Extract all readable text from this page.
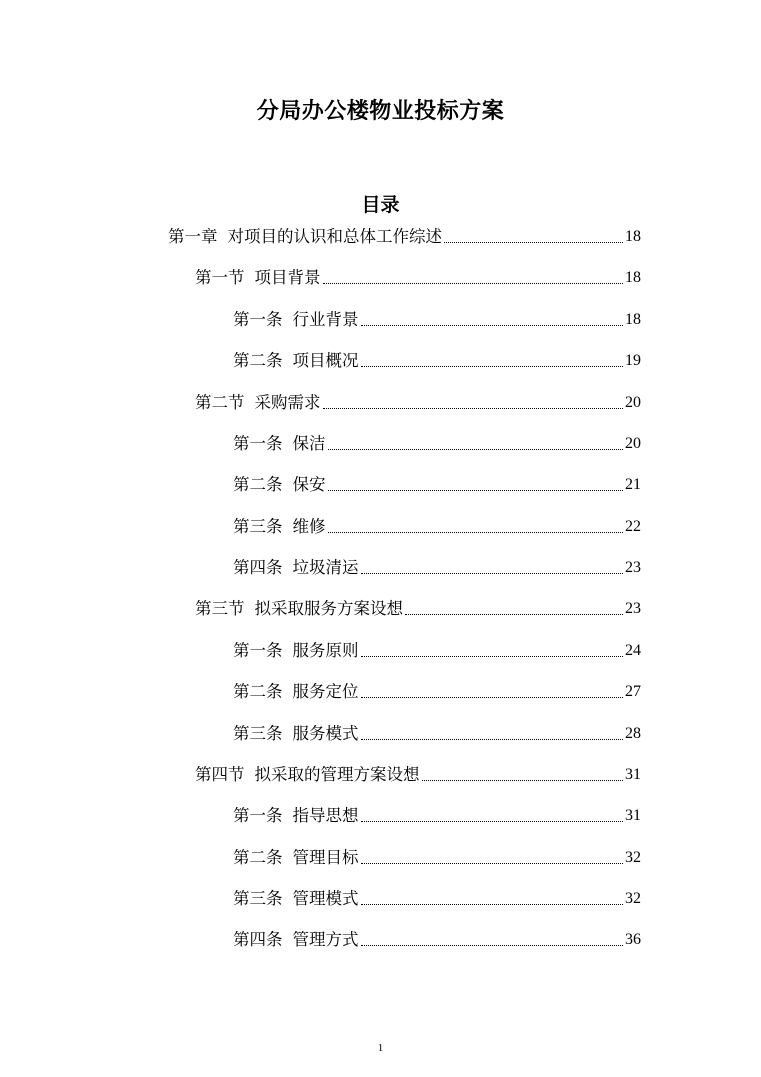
分局办公楼物业投标方案
目录
第一章 对项目的认识和总体工作综述	18
第一节 项目背景	18
第一条 行业背景	18
第二条 项目概况	19
第二节 采购需求	20
第一条 保洁	20
第二条 保安	21
第三条 维修	22
第四条 垃圾清运	23
第三节 拟采取服务方案设想	23
第一条 服务原则	24
第二条 服务定位	27
第三条 服务模式	28
第四节 拟采取的管理方案设想	31
第一条 指导思想	31
第二条 管理目标	32
第三条 管理模式	32
第四条 管理方式	36
1
